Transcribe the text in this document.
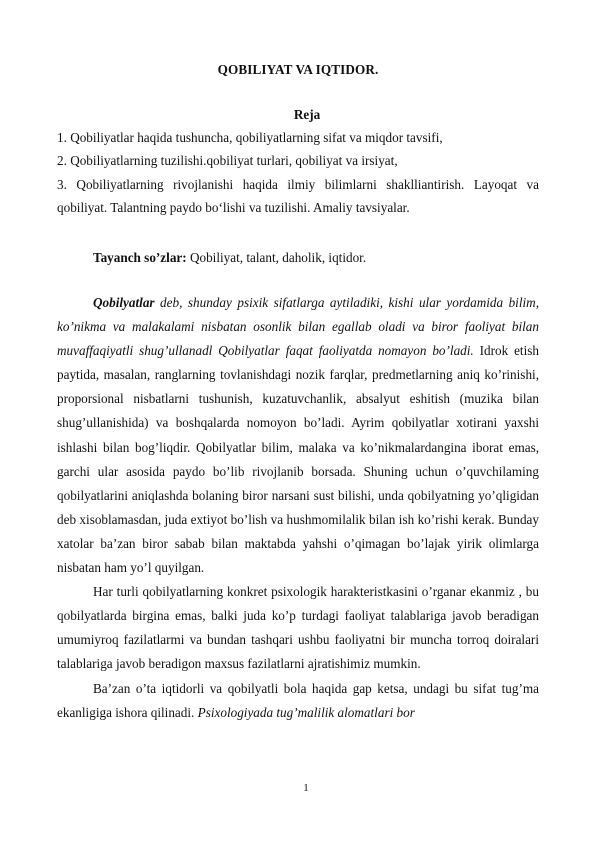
QOBILIYAT VA IQTIDOR.
Reja
1. Qobiliyatlar haqida tushuncha, qobiliyatlarning sifat va miqdor tavsifi,
2. Qobiliyatlarning tuzilishi.qobiliyat turlari, qobiliyat va irsiyat,
3. Qobiliyatlarning rivojlanishi haqida ilmiy bilimlarni shaklliantirish. Layoqat va qobiliyat. Talantning paydo bo‘lishi va tuzilishi. Amaliy tavsiyalar.
Tayanch so’zlar: Qobiliyat, talant, daholik, iqtidor.

Qobilyatlar deb, shunday psixik sifatlarga aytiladiki, kishi ular yordamida bilim, ko’nikma va malakalami nisbatan osonlik bilan egallab oladi va biror faoliyat bilan muvaffaqiyatli shug’ullanadl Qobilyatlar faqat faoliyatda nomayon bo’ladi. Idrok etish paytida, masalan, ranglarning tovlanishdagi nozik farqlar, predmetlarning aniq ko’rinishi, proporsional nisbatlarni tushunish, kuzatuvchanlik, absalyut eshitish (muzika bilan shug’ullanishida) va boshqalarda nomoyon bo’ladi. Ayrim qobilyatlar xotirani yaxshi ishlashi bilan bog’liqdir. Qobilyatlar bilim, malaka va ko’nikmalardangina iborat emas, garchi ular asosida paydo bo’lib rivojlanib borsada. Shuning uchun o’quvchilaming qobilyatlarini aniqlashda bolaning biror narsani sust bilishi, unda qobilyatning yo’qligidan deb xisoblamasdan, juda extiyot bo’lish va hushmomilalik bilan ish ko’rishi kerak. Bunday xatolar ba’zan biror sabab bilan maktabda yahshi o’qimagan bo’lajak yirik olimlarga nisbatan ham yo’l quyilgan.

Har turli qobilyatlarning konkret psixologik harakteristkasini o’rganar ekanmiz , bu qobilyatlarda birgina emas, balki juda ko’p turdagi faoliyat talablariga javob beradigan umumiyroq fazilatlarmi va bundan tashqari ushbu faoliyatni bir muncha torroq doiralari talablariga javob beradigon maxsus fazilatlarni ajratishimiz mumkin.

Ba’zan o’ta iqtidorli va qobilyatli bola haqida gap ketsa, undagi bu sifat tug’ma ekanligiga ishora qilinadi. Psixologiyada tug’malilik alomatlari bor

1
